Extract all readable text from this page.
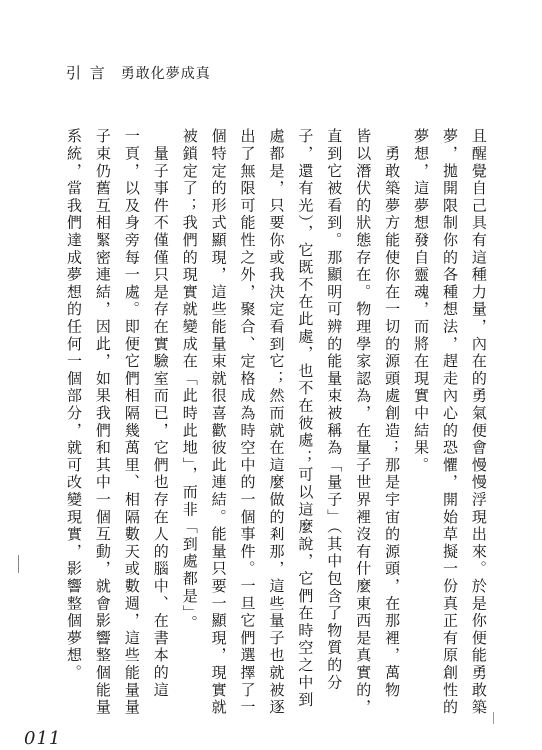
引 言 勇敢化夢成真
且醒覺自己具有這種力量，內在的勇氣便會慢慢浮現出來。於是你便能勇敢築
夢，拋開限制你的各種想法，趕走內心的恐懼，開始草擬一份真正有原創性的
夢想，這夢想發自靈魂，而將在現實中結果。
　勇敢築夢方能使你在一切的源頭處創造；那是宇宙的源頭，在那裡，萬物
皆以潛伏的狀態存在。物理學家認為，在量子世界裡沒有什麼東西是真實的，
直到它被看到。那顯明可辨的能量束被稱為「量子」（其中包含了物質的分
子，還有光），它既不在此處，也不在彼處；可以這麼說，它們在時空之中到
處都是，只要你或我決定看到它；然而就在這麼做的剎那，這些量子也就被逐
出了無限可能性之外，聚合、定格成為時空中的一個事件。一旦它們選擇了一
個特定的形式顯現，這些能量束就很喜歡彼此連結。能量只要一顯現，現實就
被鎖定了；我們的現實就變成在「此時此地」，而非「到處都是」。
　量子事件不僅僅只是存在實驗室而已，它們也存在人的腦中、在書本的這
一頁，以及身旁每一處。即便它們相隔幾萬里、相隔數天或數週，這些能量量
子束仍舊互相緊密連結，因此，如果我們和其中一個互動，就會影響整個能量
系統，當我們達成夢想的任何一個部分，就可改變現實，影響整個夢想。
011
